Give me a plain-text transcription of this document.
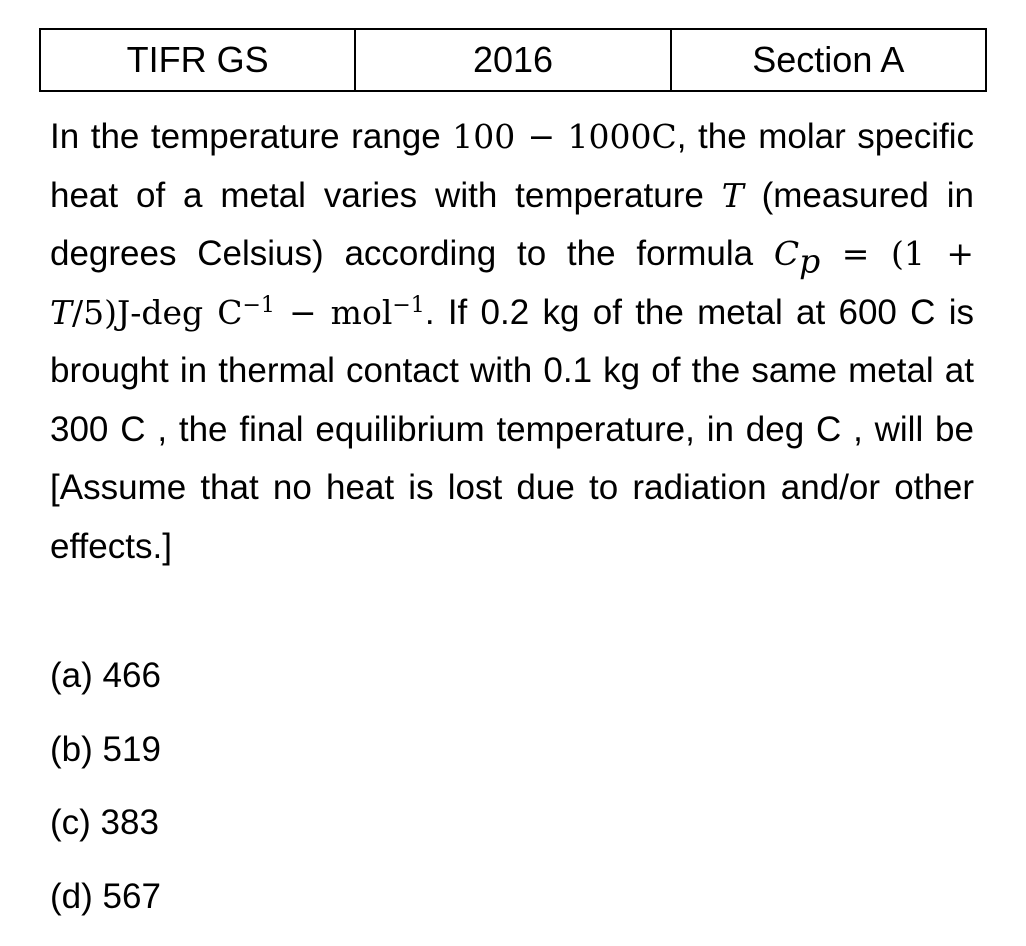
TIFR GS	2016	Section A
In the temperature range 100 − 1000C, the molar specific heat of a metal varies with temperature T (measured in degrees Celsius) according to the formula $C_p = (1 + T/5)J-deg$ $C^{-1} - mol^{-1}$. If 0.2 kg of the metal at 600 C is brought in thermal contact with 0.1 kg of the same metal at 300 C , the final equilibrium temperature, in deg C , will be [Assume that no heat is lost due to radiation and/or other effects.]
(a) 466
(b) 519
(c) 383
(d) 567
